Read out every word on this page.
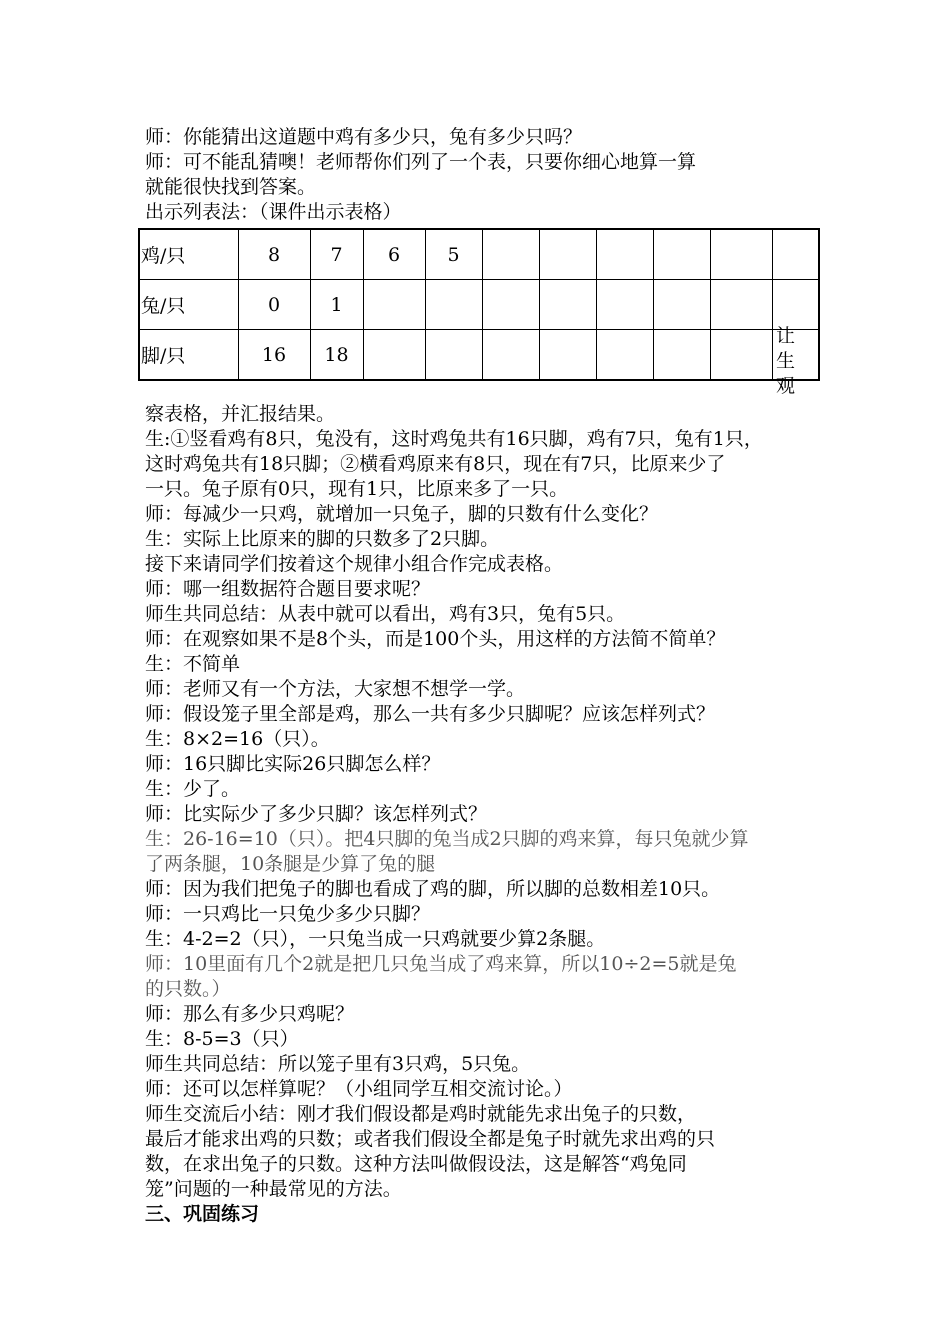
师：你能猜出这道题中鸡有多少只，兔有多少只吗？
师：可不能乱猜噢！老师帮你们列了一个表，只要你细心地算一算
就能很快找到答案。
出示列表法：（课件出示表格）
鸡/只	8	7	6	5						
兔/只	0	1								
脚/只	16	18								
让
生
观
察表格，并汇报结果。
生:①竖看鸡有8只，兔没有，这时鸡兔共有16只脚，鸡有7只，兔有1只，
这时鸡兔共有18只脚；②横看鸡原来有8只，现在有7只，比原来少了
一只。兔子原有0只，现有1只，比原来多了一只。
师：每减少一只鸡，就增加一只兔子，脚的只数有什么变化？
生：实际上比原来的脚的只数多了2只脚。
接下来请同学们按着这个规律小组合作完成表格。
师：哪一组数据符合题目要求呢？
师生共同总结：从表中就可以看出，鸡有3只，兔有5只。
师：在观察如果不是8个头，而是100个头，用这样的方法简不简单？
生：不简单
师：老师又有一个方法，大家想不想学一学。
师：假设笼子里全部是鸡，那么一共有多少只脚呢？应该怎样列式？
生：8×2=16（只）。
师：16只脚比实际26只脚怎么样？
生：少了。
师：比实际少了多少只脚？该怎样列式？
生：26-16=10（只）。把4只脚的兔当成2只脚的鸡来算，每只兔就少算
了两条腿，10条腿是少算了兔的腿
师：因为我们把兔子的脚也看成了鸡的脚，所以脚的总数相差10只。
师：一只鸡比一只兔少多少只脚？
生：4-2=2（只），一只兔当成一只鸡就要少算2条腿。
师：10里面有几个2就是把几只兔当成了鸡来算，所以10÷2=5就是兔
的只数。）
师：那么有多少只鸡呢？
生：8-5=3（只）
师生共同总结：所以笼子里有3只鸡，5只兔。
师：还可以怎样算呢？（小组同学互相交流讨论。）
师生交流后小结：刚才我们假设都是鸡时就能先求出兔子的只数，
最后才能求出鸡的只数；或者我们假设全都是兔子时就先求出鸡的只
数，在求出兔子的只数。这种方法叫做假设法，这是解答“鸡兔同
笼”问题的一种最常见的方法。
三、巩固练习
